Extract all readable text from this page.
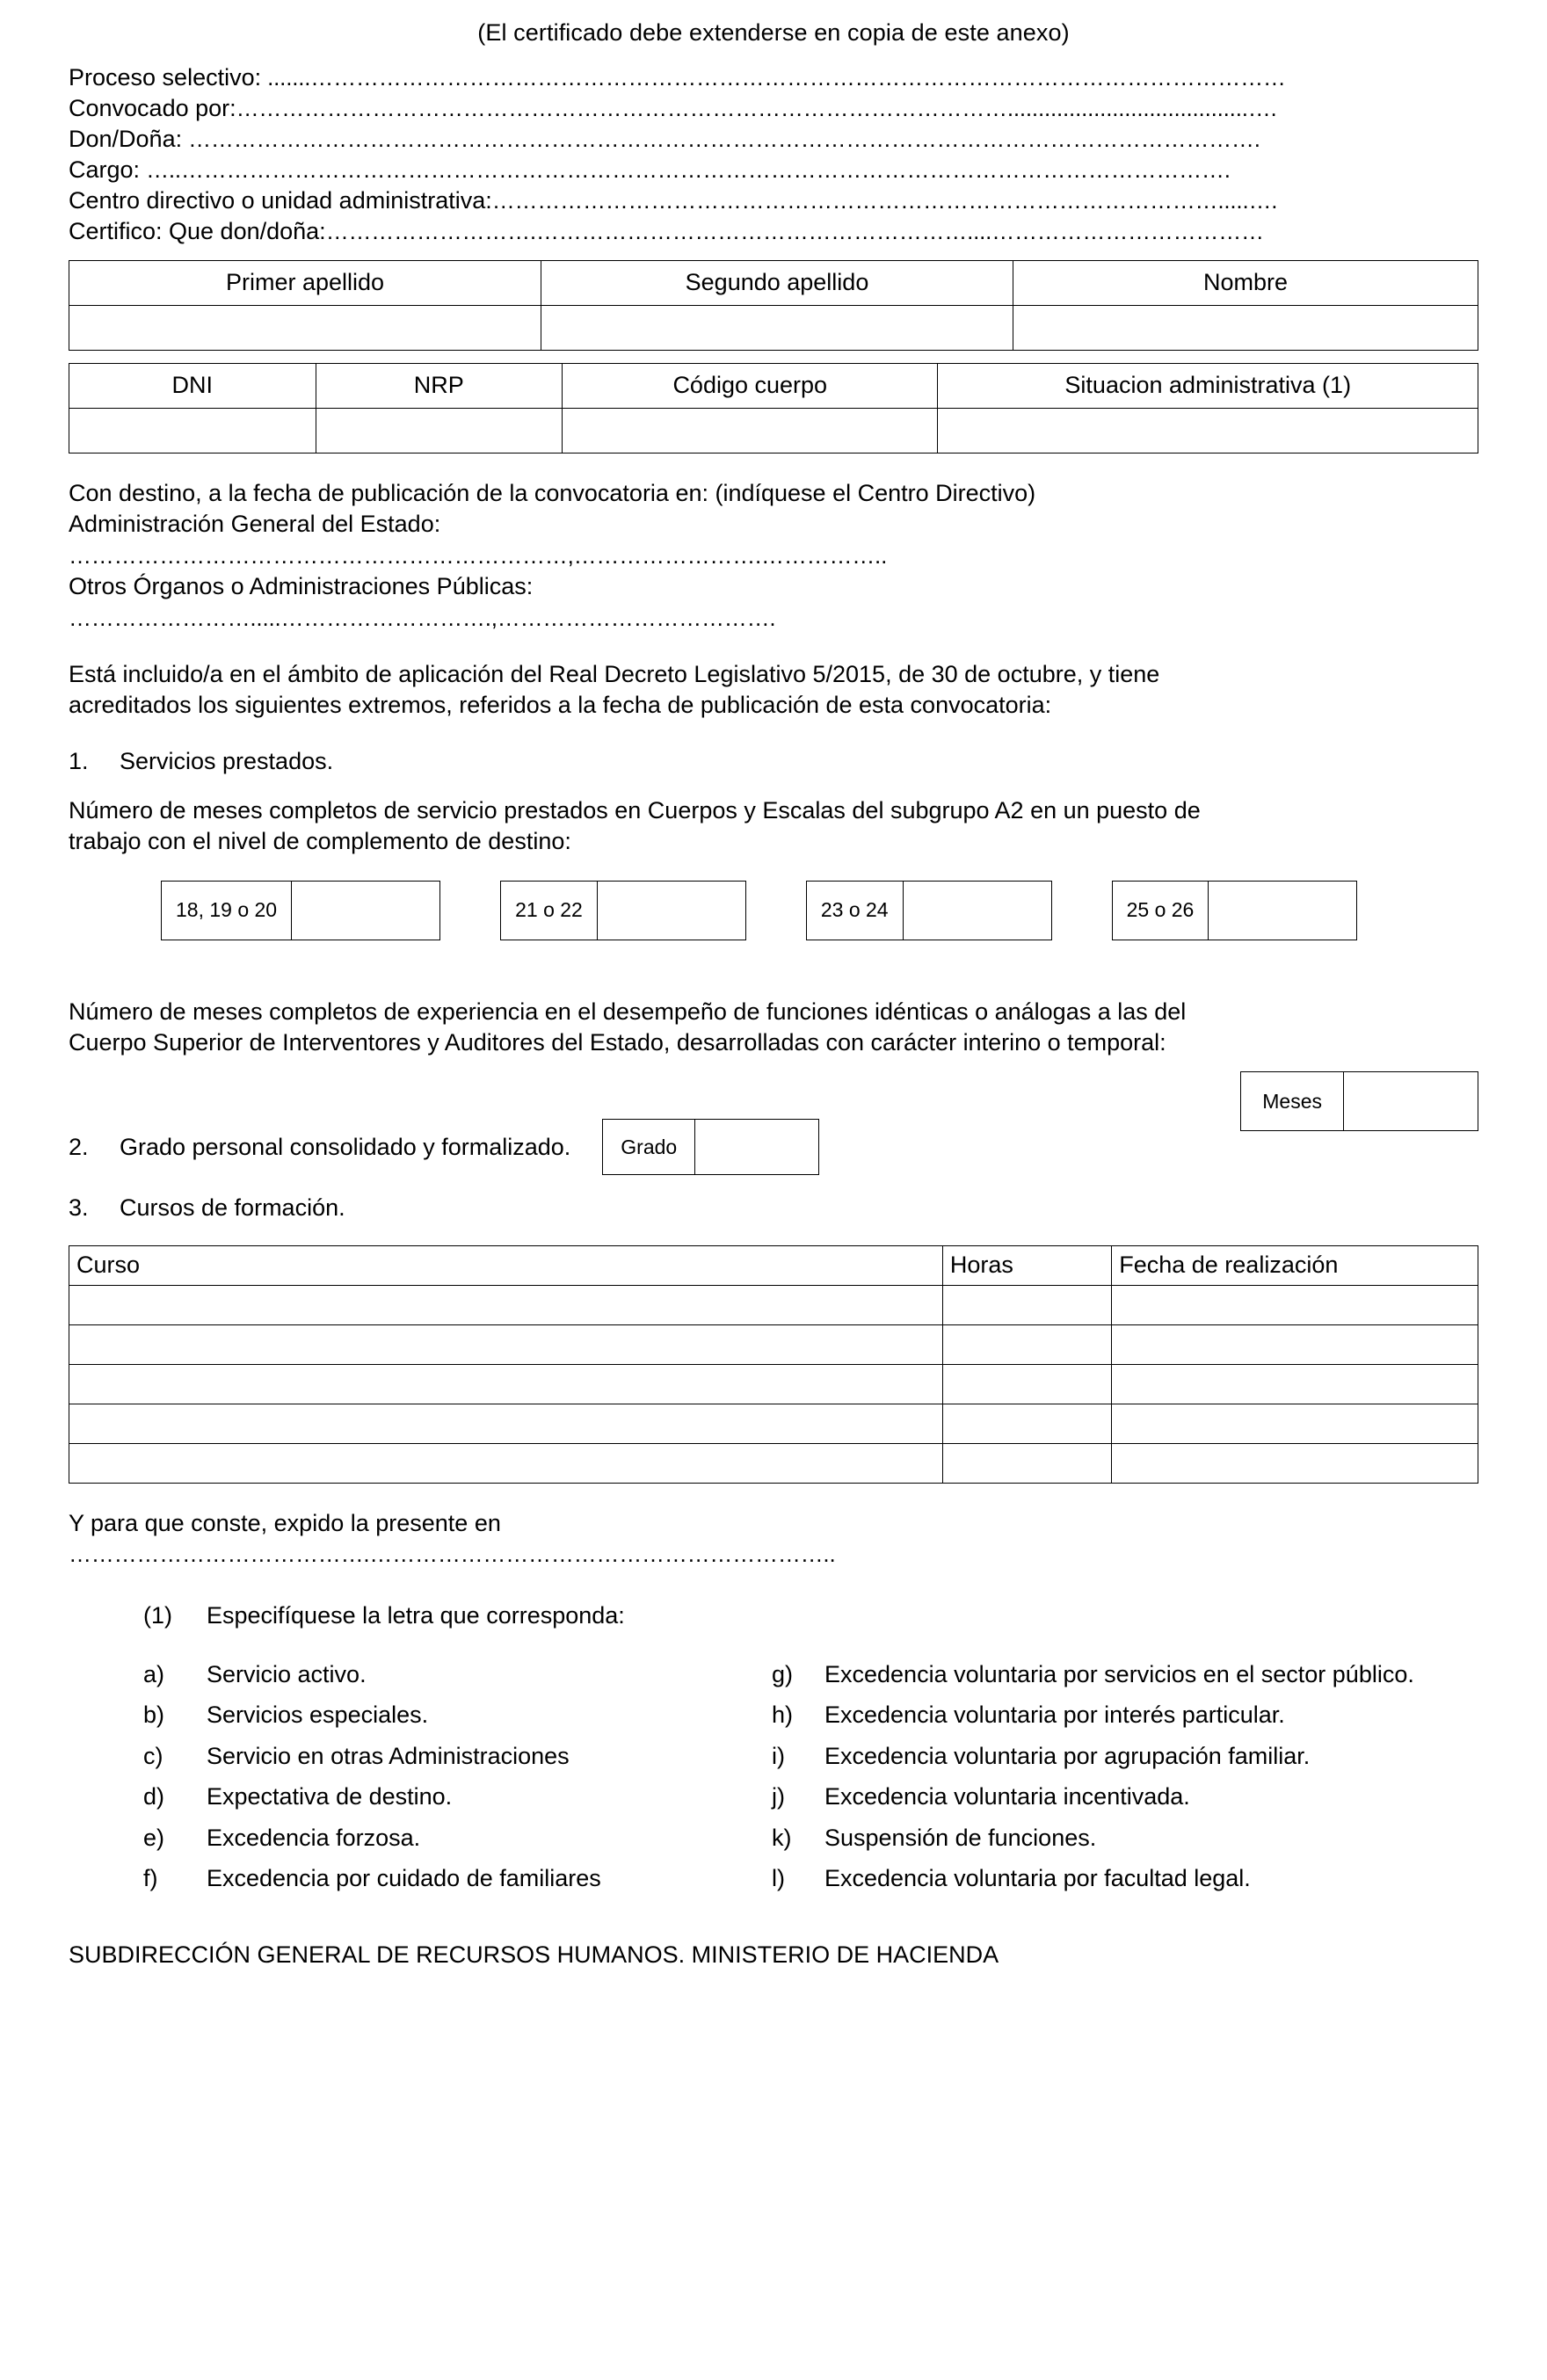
(El certificado debe extenderse en copia de este anexo)
Proceso selectivo: .......…………………………………………………………………………………………………………………
Convocado por:………………………………………………………………………………………….......................................….
Don/Doña: …………………………………………………………………………………………………………………………….
Cargo: …..………………………………………………………………………………………………………………………….
Centro directivo o unidad administrativa:…………………………………………………………………………………….....….
Certifico: Que don/doña:……………………….…………………………………………………....………………………………
Primer apellido	Segundo apellido	Nombre

DNI	NRP	Código cuerpo	Situacion administrativa (1)

Con destino, a la fecha de publicación de la convocatoria en: (indíquese el Centro Directivo)
Administración General del Estado:
…………………………………………………………,…………………….……………..
Otros Órganos o Administraciones Públicas:
…………………….....……………………….,……………………………….

Está incluido/a en el ámbito de aplicación del Real Decreto Legislativo 5/2015, de 30 de octubre, y tiene
acreditados los siguientes extremos, referidos a la fecha de publicación de esta convocatoria:

1. Servicios prestados.

Número de meses completos de servicio prestados en Cuerpos y Escalas del subgrupo A2 en un puesto de
trabajo con el nivel de complemento de destino:

18, 19 o 20	21 o 22	23 o 24	25 o 26

Número de meses completos de experiencia en el desempeño de funciones idénticas o análogas a las del
Cuerpo Superior de Interventores y Auditores del Estado, desarrolladas con carácter interino o temporal:

Meses
2.	Grado personal consolidado y formalizado.	Grado
3. Cursos de formación.
Curso	Horas	Fecha de realización

Y para que conste, expido la presente en
………………………………….……………………………………………………..

(1) Especifíquese la letra que corresponda:
a) Servicio activo.
b) Servicios especiales.
c) Servicio en otras Administraciones
d) Expectativa de destino.
e) Excedencia forzosa.
f) Excedencia por cuidado de familiares
g) Excedencia voluntaria por servicios en el sector público.
h) Excedencia voluntaria por interés particular.
i) Excedencia voluntaria por agrupación familiar.
j) Excedencia voluntaria incentivada.
k) Suspensión de funciones.
l) Excedencia voluntaria por facultad legal.
SUBDIRECCIÓN GENERAL DE RECURSOS HUMANOS. MINISTERIO DE HACIENDA
